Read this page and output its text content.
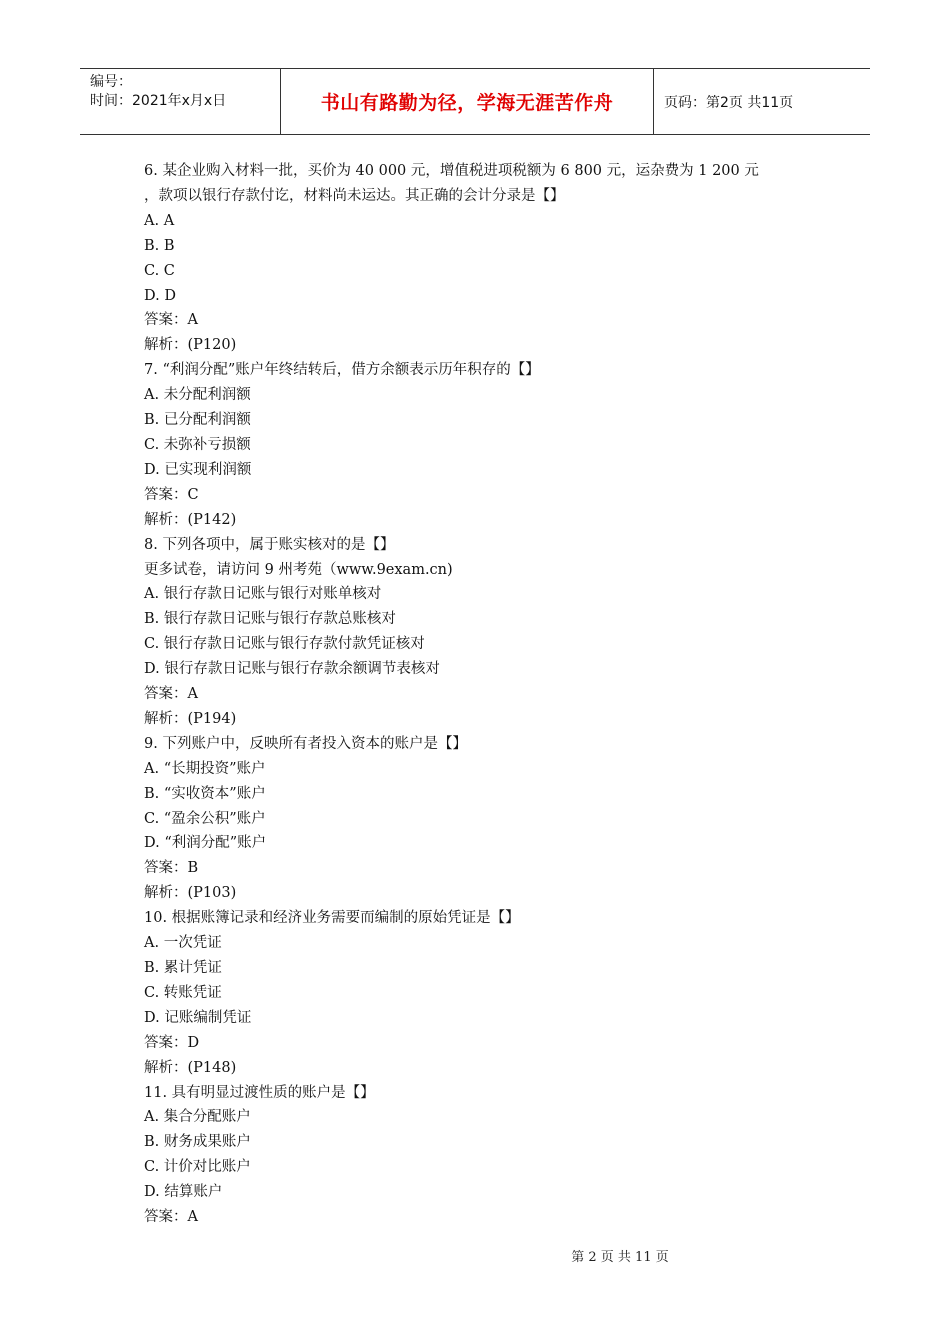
编号：
时间：2021年x月x日	书山有路勤为径，学海无涯苦作舟	页码：第2页 共11页
6. 某企业购入材料一批，买价为 40 000 元，增值税进项税额为 6 800 元，运杂费为 1 200 元
，款项以银行存款付讫，材料尚未运达。其正确的会计分录是【】
A. A
B. B
C. C
D. D
答案：A
解析：(P120)
7. “利润分配”账户年终结转后，借方余额表示历年积存的【】
A. 未分配利润额
B. 已分配利润额
C. 未弥补亏损额
D. 已实现利润额
答案：C
解析：(P142)
8. 下列各项中，属于账实核对的是【】
更多试卷，请访问 9 州考苑（www.9exam.cn)
A. 银行存款日记账与银行对账单核对
B. 银行存款日记账与银行存款总账核对
C. 银行存款日记账与银行存款付款凭证核对
D. 银行存款日记账与银行存款余额调节表核对
答案：A
解析：(P194)
9. 下列账户中，反映所有者投入资本的账户是【】
A. “长期投资”账户
B. “实收资本”账户
C. “盈余公积”账户
D. “利润分配”账户
答案：B
解析：(P103)
10. 根据账簿记录和经济业务需要而编制的原始凭证是【】
A. 一次凭证
B. 累计凭证
C. 转账凭证
D. 记账编制凭证
答案：D
解析：(P148)
11. 具有明显过渡性质的账户是【】
A. 集合分配账户
B. 财务成果账户
C. 计价对比账户
D. 结算账户
答案：A
第 2 页 共 11 页
